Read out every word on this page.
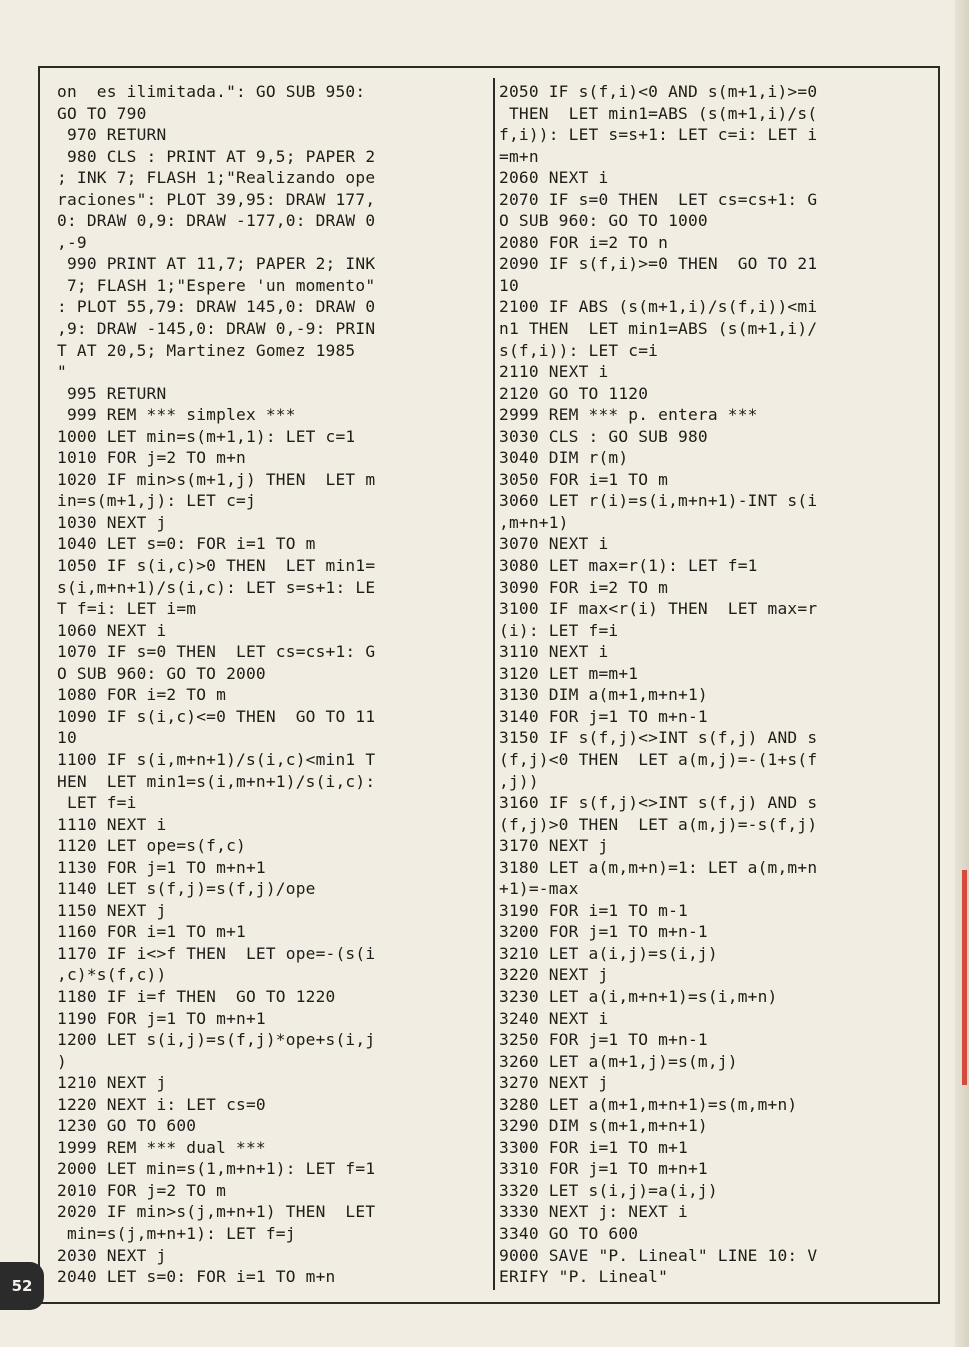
on  es ilimitada.": GO SUB 950:
GO TO 790
970 RETURN
980 CLS : PRINT AT 9,5; PAPER 2
; INK 7; FLASH 1;"Realizando ope
raciones": PLOT 39,95: DRAW 177,
0: DRAW 0,9: DRAW -177,0: DRAW 0
,-9
990 PRINT AT 11,7; PAPER 2; INK
7; FLASH 1;"Espere 'un momento"
: PLOT 55,79: DRAW 145,0: DRAW 0
,9: DRAW -145,0: DRAW 0,-9: PRIN
T AT 20,5; Martinez Gomez 1985
"
995 RETURN
999 REM *** simplex ***
1000 LET min=s(m+1,1): LET c=1
1010 FOR j=2 TO m+n
1020 IF min>s(m+1,j) THEN  LET m
in=s(m+1,j): LET c=j
1030 NEXT j
1040 LET s=0: FOR i=1 TO m
1050 IF s(i,c)>0 THEN  LET min1=
s(i,m+n+1)/s(i,c): LET s=s+1: LE
T f=i: LET i=m
1060 NEXT i
1070 IF s=0 THEN  LET cs=cs+1: G
O SUB 960: GO TO 2000
1080 FOR i=2 TO m
1090 IF s(i,c)<=0 THEN  GO TO 11
10
1100 IF s(i,m+n+1)/s(i,c)<min1 T
HEN  LET min1=s(i,m+n+1)/s(i,c):
LET f=i
1110 NEXT i
1120 LET ope=s(f,c)
1130 FOR j=1 TO m+n+1
1140 LET s(f,j)=s(f,j)/ope
1150 NEXT j
1160 FOR i=1 TO m+1
1170 IF i<>f THEN  LET ope=-(s(i
,c)*s(f,c))
1180 IF i=f THEN  GO TO 1220
1190 FOR j=1 TO m+n+1
1200 LET s(i,j)=s(f,j)*ope+s(i,j
)
1210 NEXT j
1220 NEXT i: LET cs=0
1230 GO TO 600
1999 REM *** dual ***
2000 LET min=s(1,m+n+1): LET f=1
2010 FOR j=2 TO m
2020 IF min>s(j,m+n+1) THEN  LET
min=s(j,m+n+1): LET f=j
2030 NEXT j
2040 LET s=0: FOR i=1 TO m+n
2050 IF s(f,i)<0 AND s(m+1,i)>=0
THEN  LET min1=ABS (s(m+1,i)/s(
f,i)): LET s=s+1: LET c=i: LET i
=m+n
2060 NEXT i
2070 IF s=0 THEN  LET cs=cs+1: G
O SUB 960: GO TO 1000
2080 FOR i=2 TO n
2090 IF s(f,i)>=0 THEN  GO TO 21
10
2100 IF ABS (s(m+1,i)/s(f,i))<mi
n1 THEN  LET min1=ABS (s(m+1,i)/
s(f,i)): LET c=i
2110 NEXT i
2120 GO TO 1120
2999 REM *** p. entera ***
3030 CLS : GO SUB 980
3040 DIM r(m)
3050 FOR i=1 TO m
3060 LET r(i)=s(i,m+n+1)-INT s(i
,m+n+1)
3070 NEXT i
3080 LET max=r(1): LET f=1
3090 FOR i=2 TO m
3100 IF max<r(i) THEN  LET max=r
(i): LET f=i
3110 NEXT i
3120 LET m=m+1
3130 DIM a(m+1,m+n+1)
3140 FOR j=1 TO m+n-1
3150 IF s(f,j)<>INT s(f,j) AND s
(f,j)<0 THEN  LET a(m,j)=-(1+s(f
,j))
3160 IF s(f,j)<>INT s(f,j) AND s
(f,j)>0 THEN  LET a(m,j)=-s(f,j)
3170 NEXT j
3180 LET a(m,m+n)=1: LET a(m,m+n
+1)=-max
3190 FOR i=1 TO m-1
3200 FOR j=1 TO m+n-1
3210 LET a(i,j)=s(i,j)
3220 NEXT j
3230 LET a(i,m+n+1)=s(i,m+n)
3240 NEXT i
3250 FOR j=1 TO m+n-1
3260 LET a(m+1,j)=s(m,j)
3270 NEXT j
3280 LET a(m+1,m+n+1)=s(m,m+n)
3290 DIM s(m+1,m+n+1)
3300 FOR i=1 TO m+1
3310 FOR j=1 TO m+n+1
3320 LET s(i,j)=a(i,j)
3330 NEXT j: NEXT i
3340 GO TO 600
9000 SAVE "P. Lineal" LINE 10: V
ERIFY "P. Lineal"
52
